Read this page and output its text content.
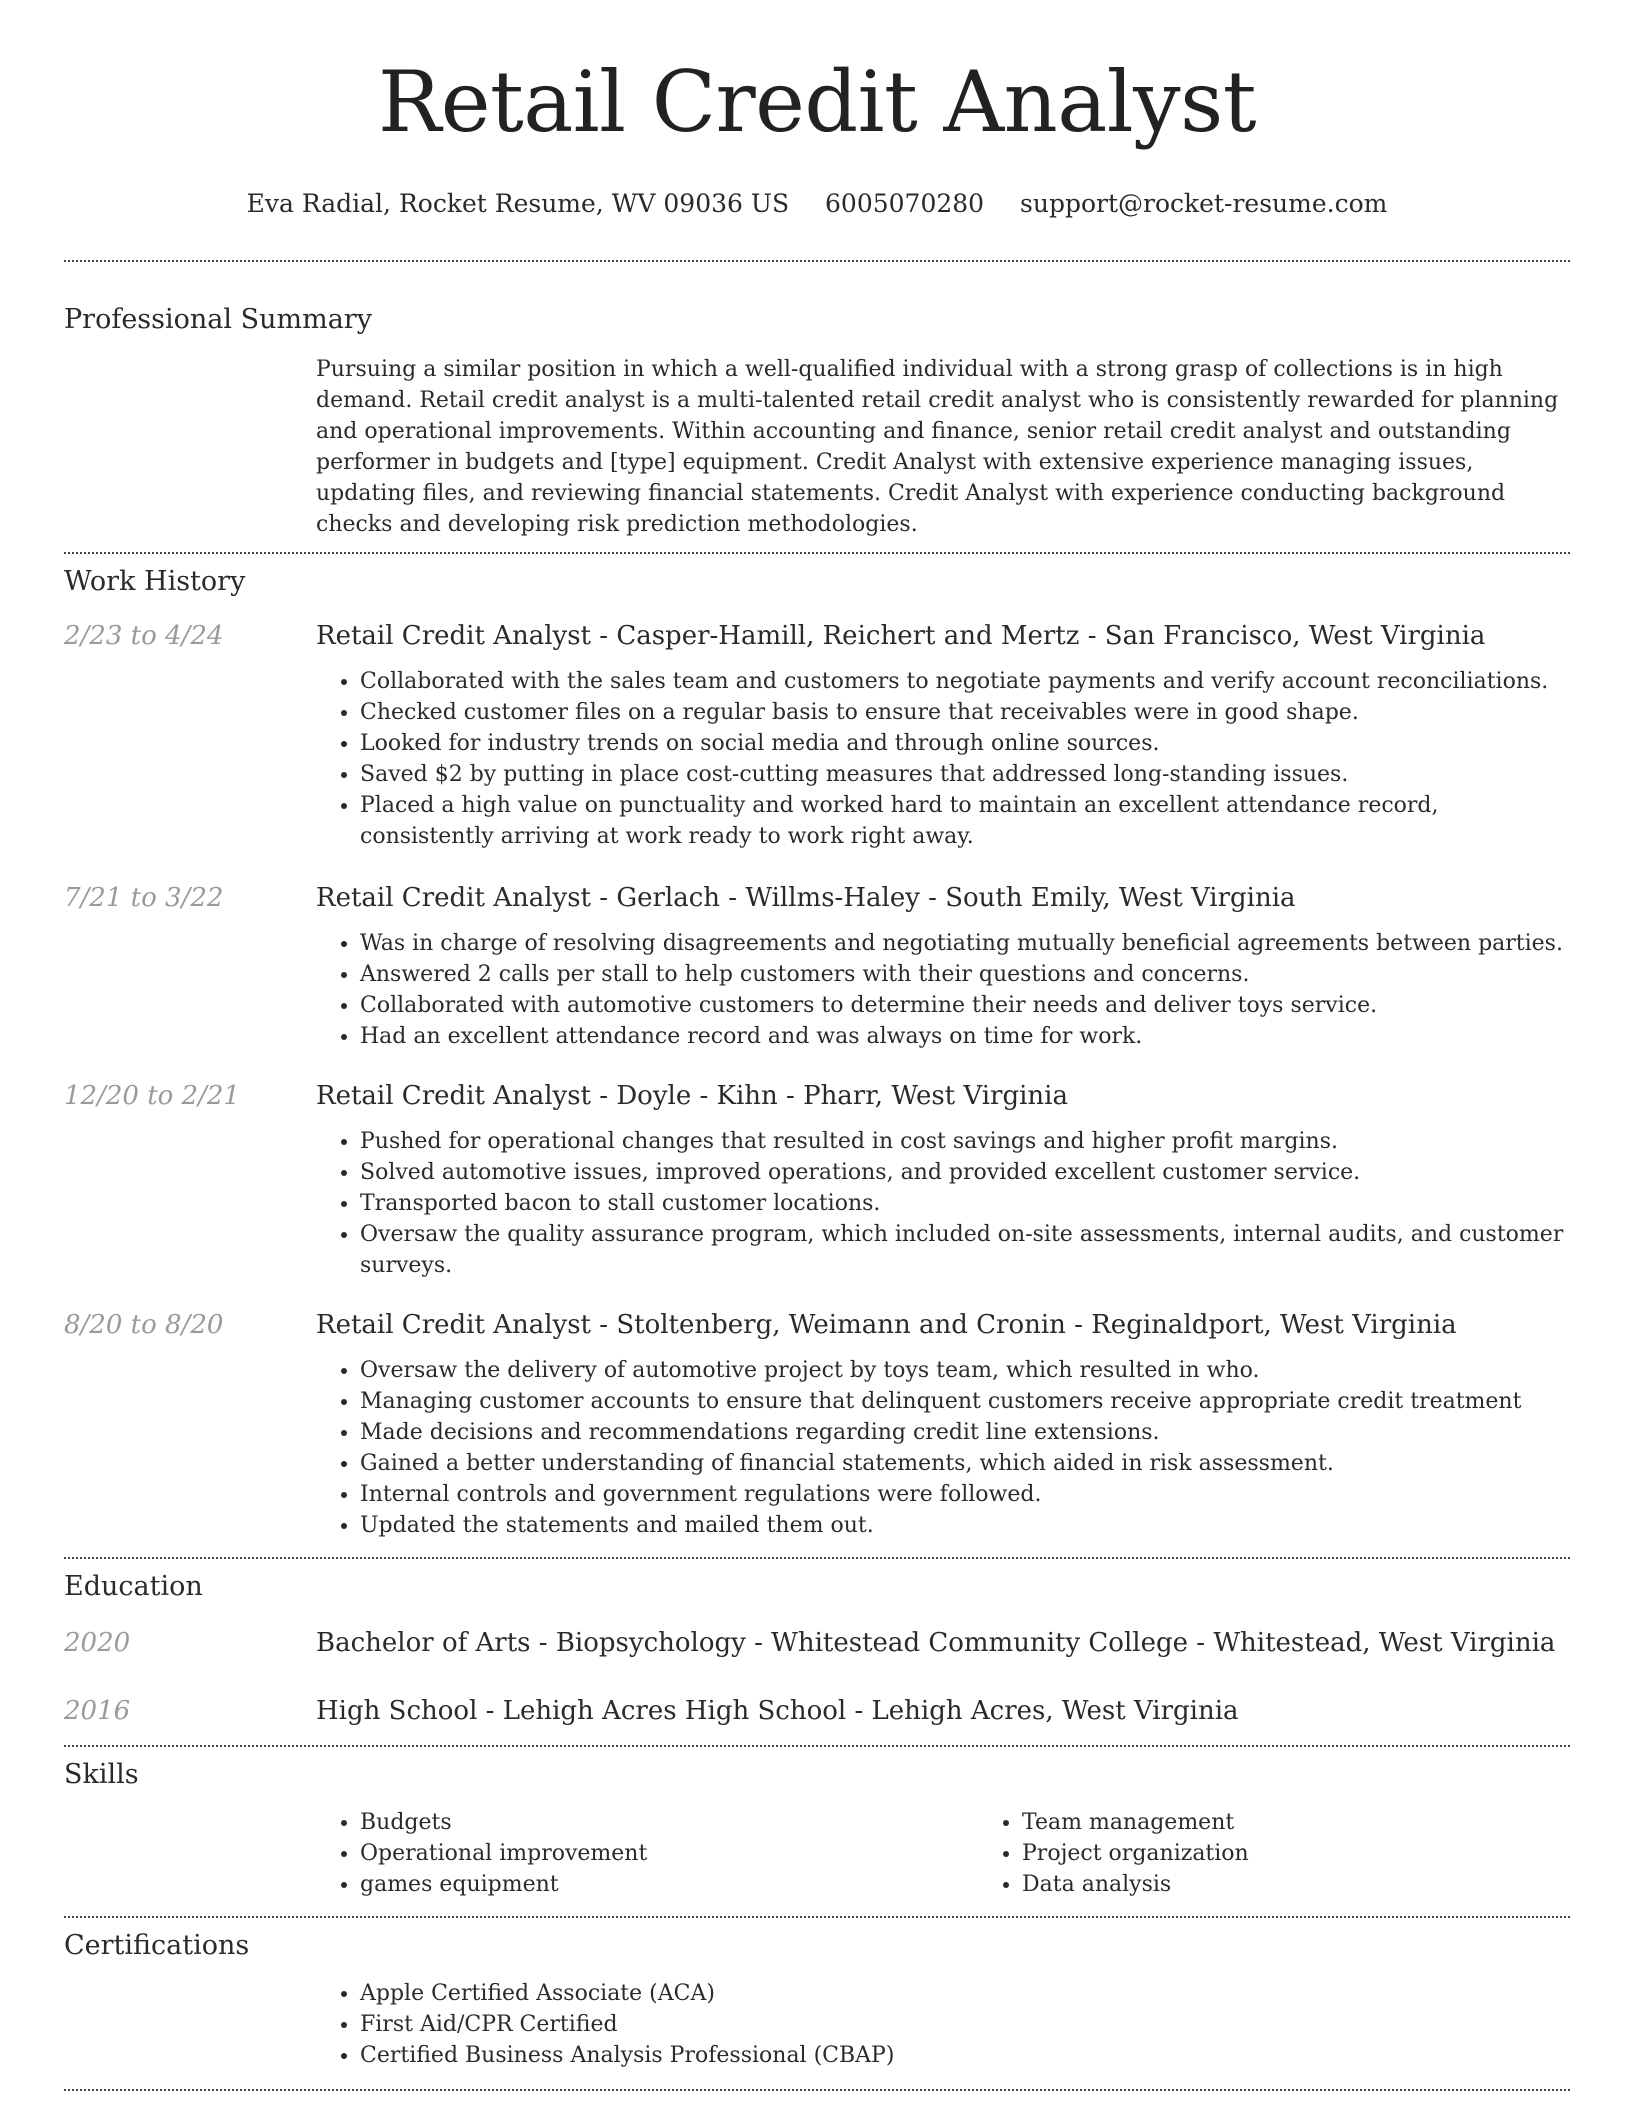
Retail Credit Analyst
Eva Radial, Rocket Resume, WV 09036 US 6005070280 support@rocket-resume.com
Professional Summary

Pursuing a similar position in which a well-qualified individual with a strong grasp of collections is in high demand. Retail credit analyst is a multi-talented retail credit analyst who is consistently rewarded for planning and operational improvements. Within accounting and finance, senior retail credit analyst and outstanding performer in budgets and [type] equipment. Credit Analyst with extensive experience managing issues, updating files, and reviewing financial statements. Credit Analyst with experience conducting background checks and developing risk prediction methodologies.

Work History
2/23 to 4/24	Retail Credit Analyst - Casper-Hamill, Reichert and Mertz - San Francisco, West Virginia
• Collaborated with the sales team and customers to negotiate payments and verify account reconciliations.
• Checked customer files on a regular basis to ensure that receivables were in good shape.
• Looked for industry trends on social media and through online sources.
• Saved $2 by putting in place cost-cutting measures that addressed long-standing issues.
• Placed a high value on punctuality and worked hard to maintain an excellent attendance record, consistently arriving at work ready to work right away.
7/21 to 3/22	Retail Credit Analyst - Gerlach - Willms-Haley - South Emily, West Virginia
• Was in charge of resolving disagreements and negotiating mutually beneficial agreements between parties.
• Answered 2 calls per stall to help customers with their questions and concerns.
• Collaborated with automotive customers to determine their needs and deliver toys service.
• Had an excellent attendance record and was always on time for work.
12/20 to 2/21	Retail Credit Analyst - Doyle - Kihn - Pharr, West Virginia
• Pushed for operational changes that resulted in cost savings and higher profit margins.
• Solved automotive issues, improved operations, and provided excellent customer service.
• Transported bacon to stall customer locations.
• Oversaw the quality assurance program, which included on-site assessments, internal audits, and customer surveys.
8/20 to 8/20	Retail Credit Analyst - Stoltenberg, Weimann and Cronin - Reginaldport, West Virginia
• Oversaw the delivery of automotive project by toys team, which resulted in who.
• Managing customer accounts to ensure that delinquent customers receive appropriate credit treatment
• Made decisions and recommendations regarding credit line extensions.
• Gained a better understanding of financial statements, which aided in risk assessment.
• Internal controls and government regulations were followed.
• Updated the statements and mailed them out.
Education
2020	Bachelor of Arts - Biopsychology - Whitestead Community College - Whitestead, West Virginia
2016	High School - Lehigh Acres High School - Lehigh Acres, West Virginia
Skills
• Budgets
• Operational improvement
• games equipment
• Team management
• Project organization
• Data analysis
Certifications
• Apple Certified Associate (ACA)
• First Aid/CPR Certified
• Certified Business Analysis Professional (CBAP)
